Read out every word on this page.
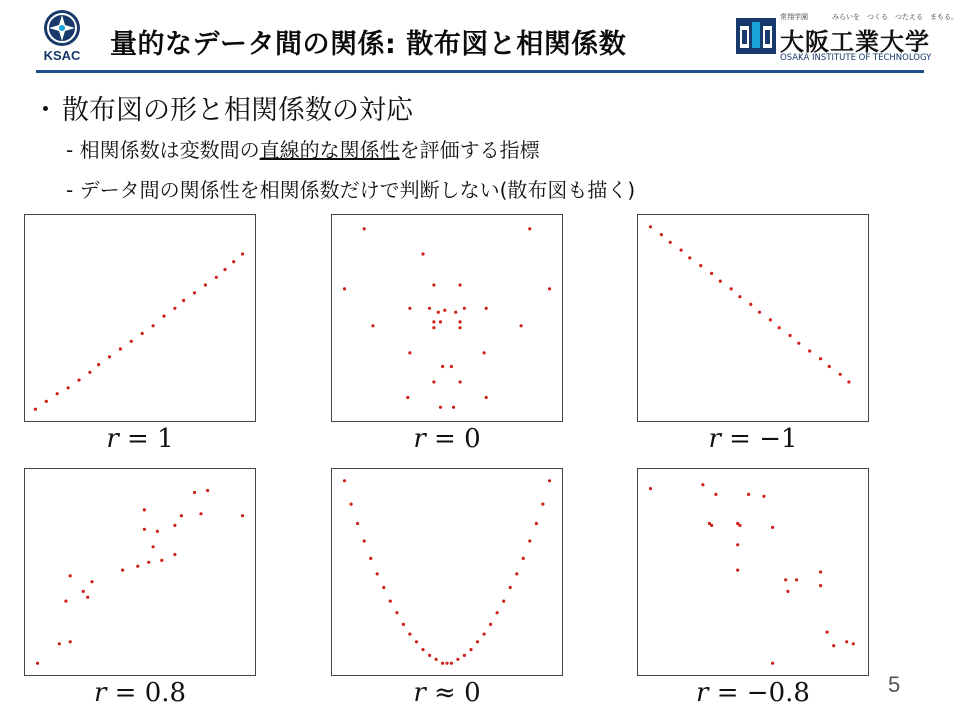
KSAC 量的なデータ間の関係: 散布図と相関係数
常翔学園	みらいを　つくる　つたえる　まもる。
大阪工業大学
OSAKA INSTITUTE OF TECHNOLOGY
・ 散布図の形と相関係数の対応
- 相関係数は変数間の直線的な関係性を評価する指標
- データ間の関係性を相関係数だけで判断しない(散布図も描く)
r = 1	r = 0	r = −1
r = 0.8	r ≈ 0	r = −0.8	5
